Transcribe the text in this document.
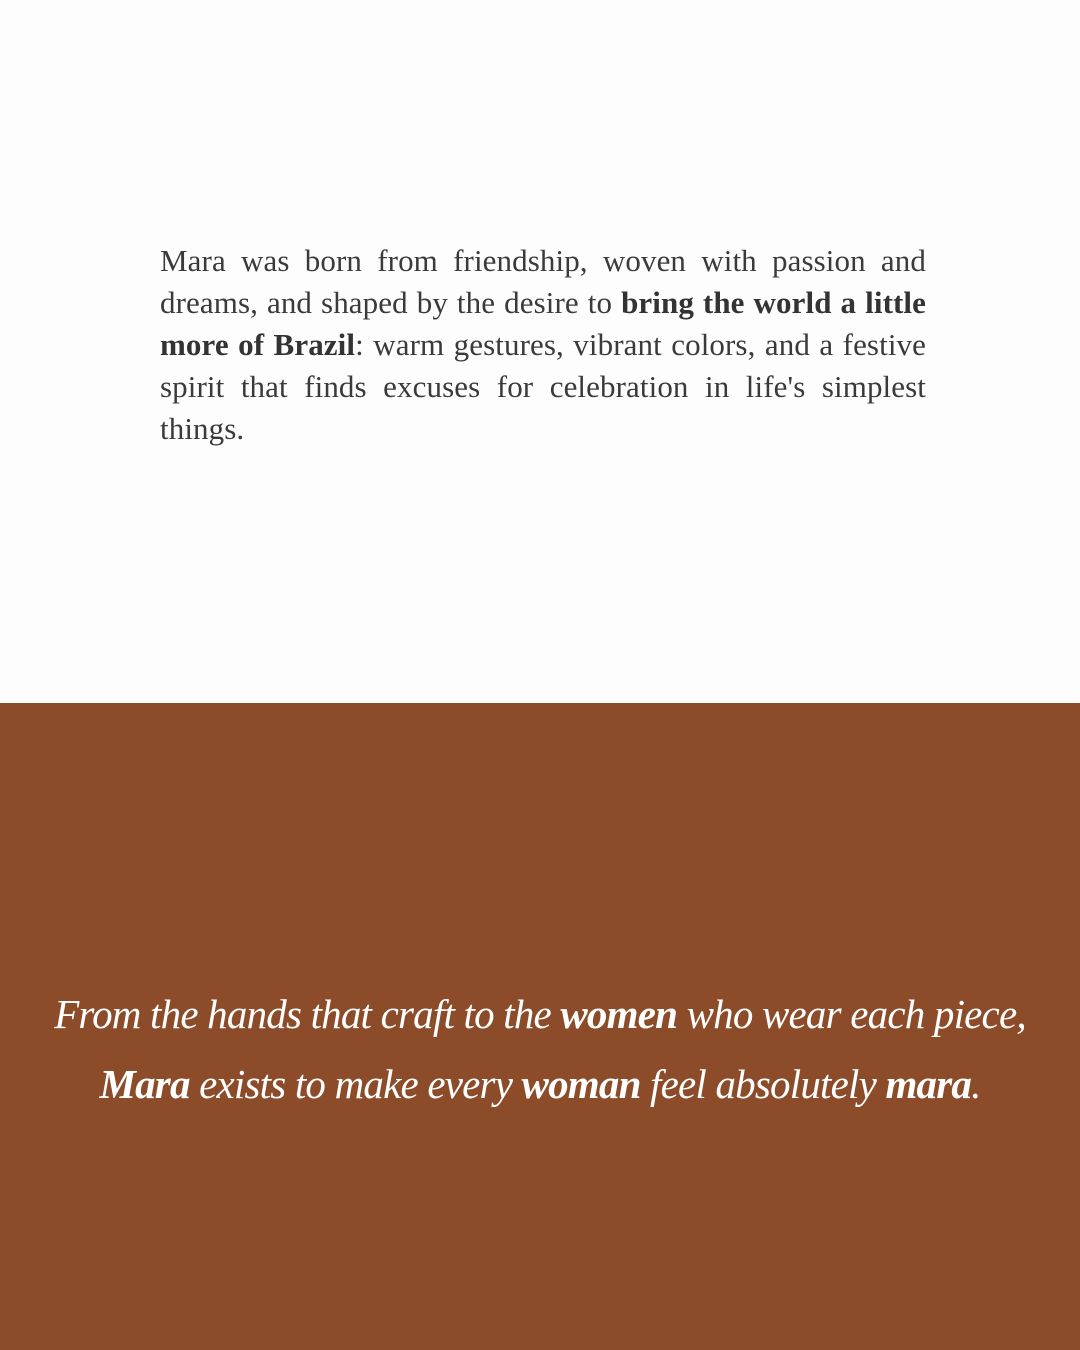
Mara was born from friendship, woven with passion and dreams, and shaped by the desire to bring the world a little more of Brazil: warm gestures, vibrant colors, and a festive spirit that finds excuses for celebration in life's simplest things.

From the hands that craft to the women who wear each piece,
Mara exists to make every woman feel absolutely mara.
